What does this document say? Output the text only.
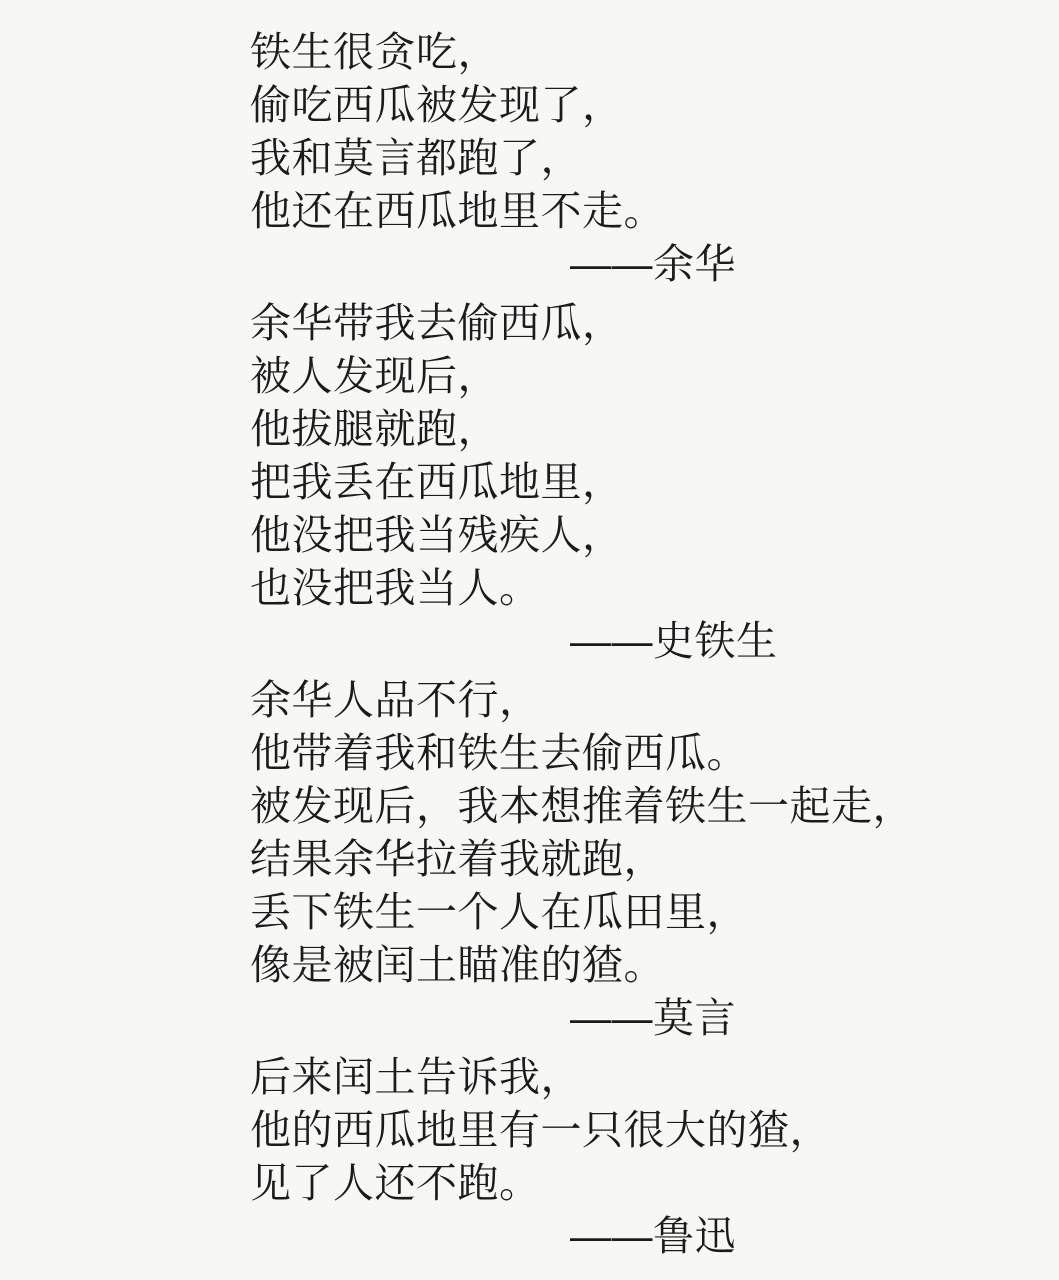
铁生很贪吃，
偷吃西瓜被发现了，
我和莫言都跑了，
他还在西瓜地里不走。
——余华
余华带我去偷西瓜，
被人发现后，
他拔腿就跑，
把我丢在西瓜地里，
他没把我当残疾人，
也没把我当人。
——史铁生
余华人品不行，
他带着我和铁生去偷西瓜。
被发现后，我本想推着铁生一起走，
结果余华拉着我就跑，
丢下铁生一个人在瓜田里，
像是被闰土瞄准的猹。
——莫言
后来闰土告诉我，
他的西瓜地里有一只很大的猹，
见了人还不跑。
——鲁迅
